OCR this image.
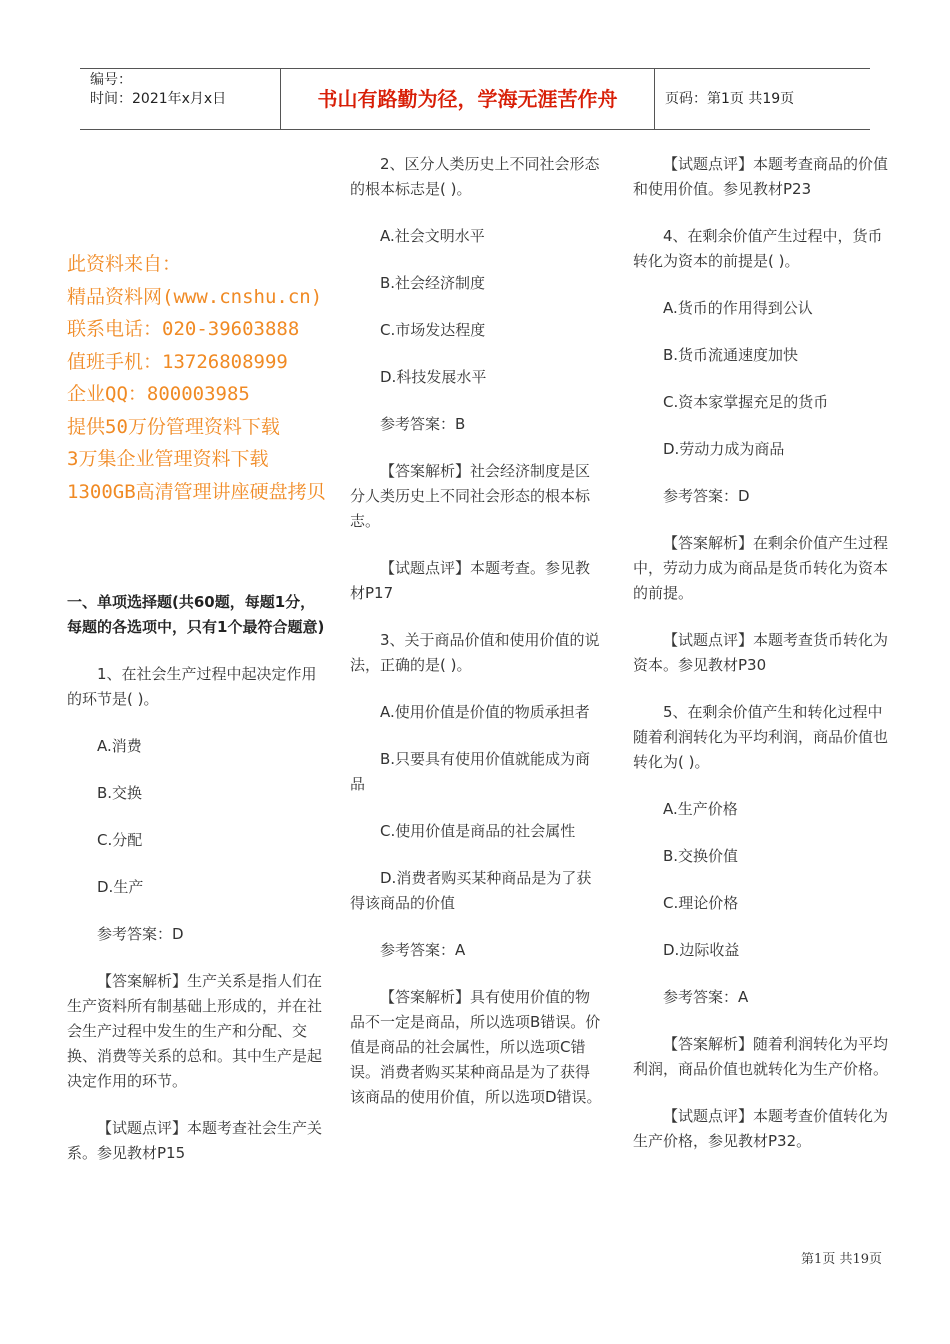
编号：
时间：2021年x月x日	书山有路勤为径，学海无涯苦作舟	页码：第1页 共19页
此资料来自：
精品资料网(www.cnshu.cn)
联系电话：020-39603888
值班手机：13726808999
企业QQ：800003985
提供50万份管理资料下载
3万集企业管理资料下载
1300GB高清管理讲座硬盘拷贝

一、单项选择题(共60题，每题1分，每题的各选项中，只有1个最符合题意)

1、在社会生产过程中起决定作用的环节是( )。

A.消费

B.交换

C.分配

D.生产

参考答案：D

【答案解析】生产关系是指人们在生产资料所有制基础上形成的，并在社会生产过程中发生的生产和分配、交换、消费等关系的总和。其中生产是起决定作用的环节。

【试题点评】本题考查社会生产关系。参见教材P15

2、区分人类历史上不同社会形态的根本标志是( )。

A.社会文明水平

B.社会经济制度

C.市场发达程度

D.科技发展水平

参考答案：B

【答案解析】社会经济制度是区分人类历史上不同社会形态的根本标志。

【试题点评】本题考查。参见教材P17

3、关于商品价值和使用价值的说法，正确的是( )。

A.使用价值是价值的物质承担者

B.只要具有使用价值就能成为商品

C.使用价值是商品的社会属性

D.消费者购买某种商品是为了获得该商品的价值

参考答案：A

【答案解析】具有使用价值的物品不一定是商品，所以选项B错误。价值是商品的社会属性，所以选项C错误。消费者购买某种商品是为了获得该商品的使用价值，所以选项D错误。

【试题点评】本题考查商品的价值和使用价值。参见教材P23

4、在剩余价值产生过程中，货币转化为资本的前提是( )。

A.货币的作用得到公认

B.货币流通速度加快

C.资本家掌握充足的货币

D.劳动力成为商品

参考答案：D

【答案解析】在剩余价值产生过程中，劳动力成为商品是货币转化为资本的前提。

【试题点评】本题考查货币转化为资本。参见教材P30

5、在剩余价值产生和转化过程中随着利润转化为平均利润，商品价值也转化为( )。

A.生产价格

B.交换价值

C.理论价格

D.边际收益

参考答案：A

【答案解析】随着利润转化为平均利润，商品价值也就转化为生产价格。

【试题点评】本题考查价值转化为生产价格，参见教材P32。

第1页 共19页
